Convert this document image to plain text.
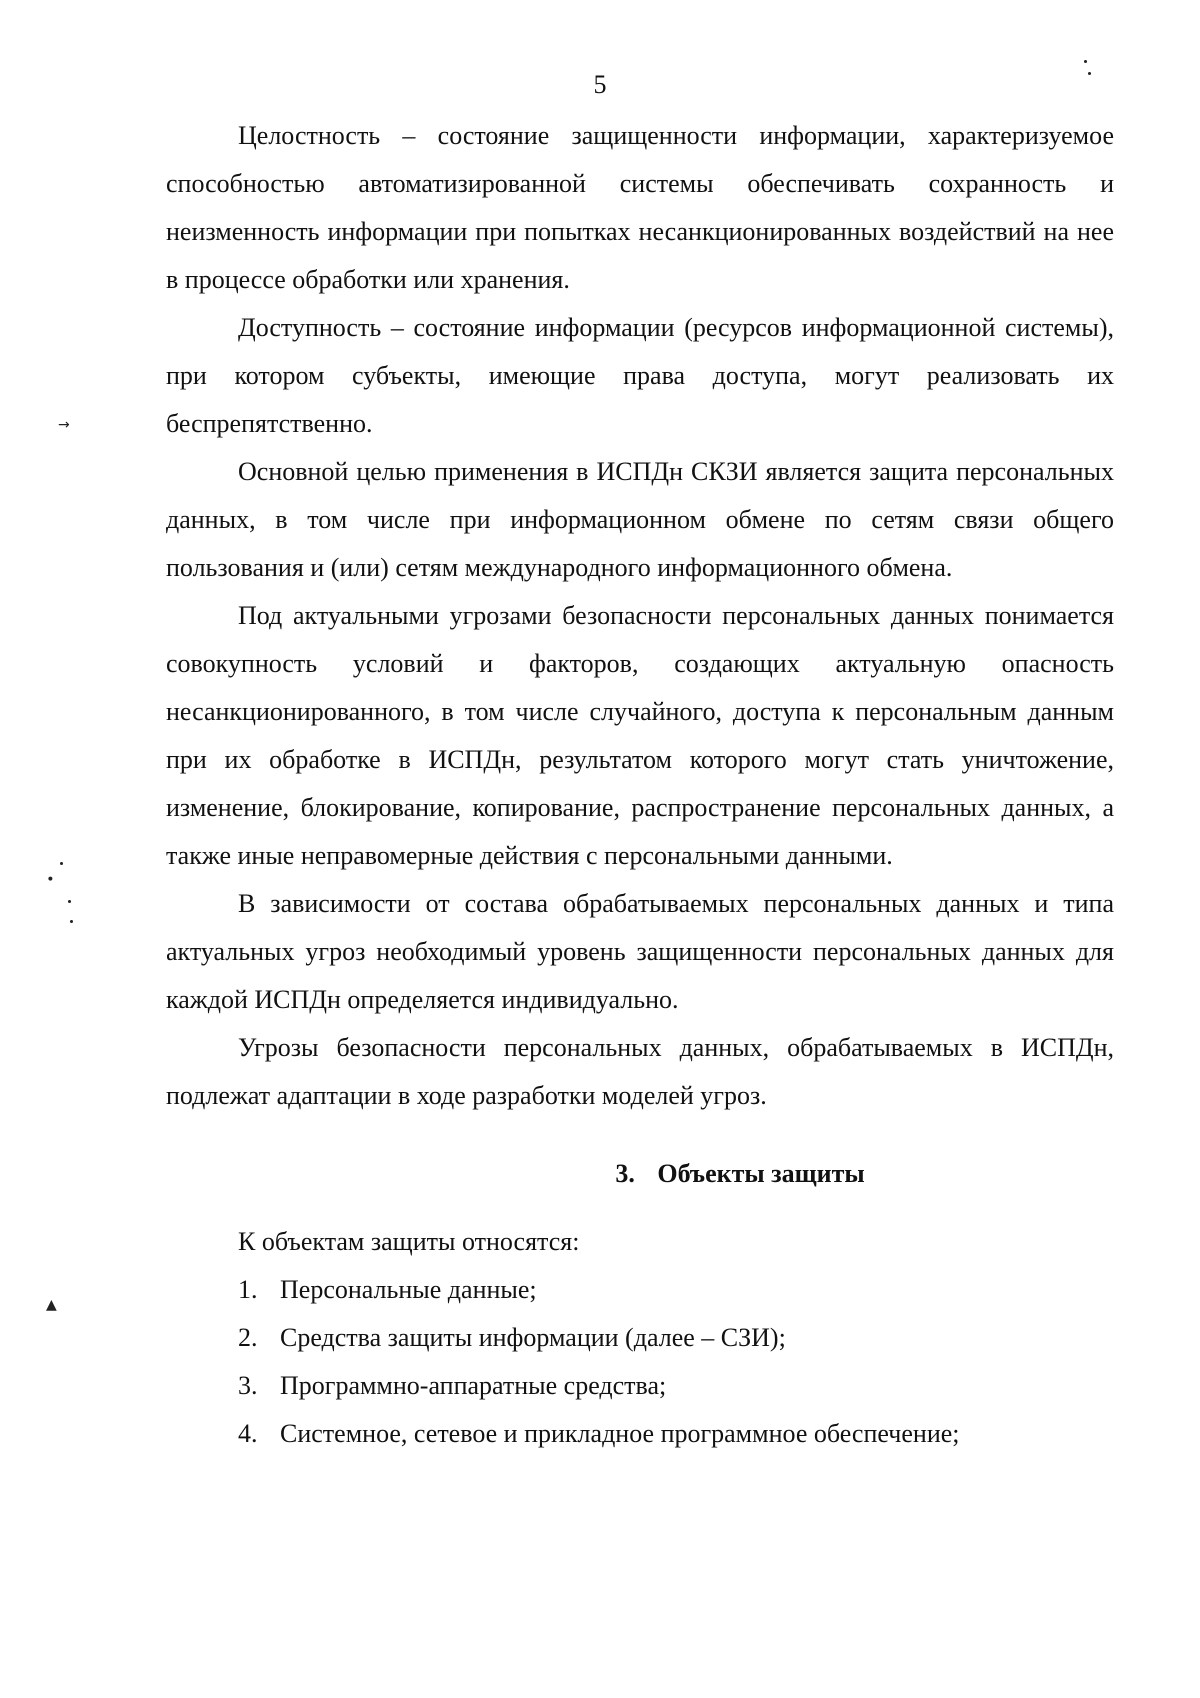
5
→
∙
▲

Целостность – состояние защищенности информации, характеризуемое способностью автоматизированной системы обеспечивать сохранность и неизменность информации при попытках несанкционированных воздействий на нее в процессе обработки или хранения.

Доступность – состояние информации (ресурсов информационной системы), при котором субъекты, имеющие права доступа, могут реализовать их беспрепятственно.

Основной целью применения в ИСПДн СКЗИ является защита персональных данных, в том числе при информационном обмене по сетям связи общего пользования и (или) сетям международного информационного обмена.

Под актуальными угрозами безопасности персональных данных понимается совокупность условий и факторов, создающих актуальную опасность несанкционированного, в том числе случайного, доступа к персональным данным при их обработке в ИСПДн, результатом которого могут стать уничтожение, изменение, блокирование, копирование, распространение персональных данных, а также иные неправомерные действия с персональными данными.

В зависимости от состава обрабатываемых персональных данных и типа актуальных угроз необходимый уровень защищенности персональных данных для каждой ИСПДн определяется индивидуально.

Угрозы безопасности персональных данных, обрабатываемых в ИСПДн, подлежат адаптации в ходе разработки моделей угроз.

3. Объекты защиты

К объектам защиты относятся:

1. Персональные данные;
2. Средства защиты информации (далее – СЗИ);
3. Программно-аппаратные средства;
4. Системное, сетевое и прикладное программное обеспечение;
